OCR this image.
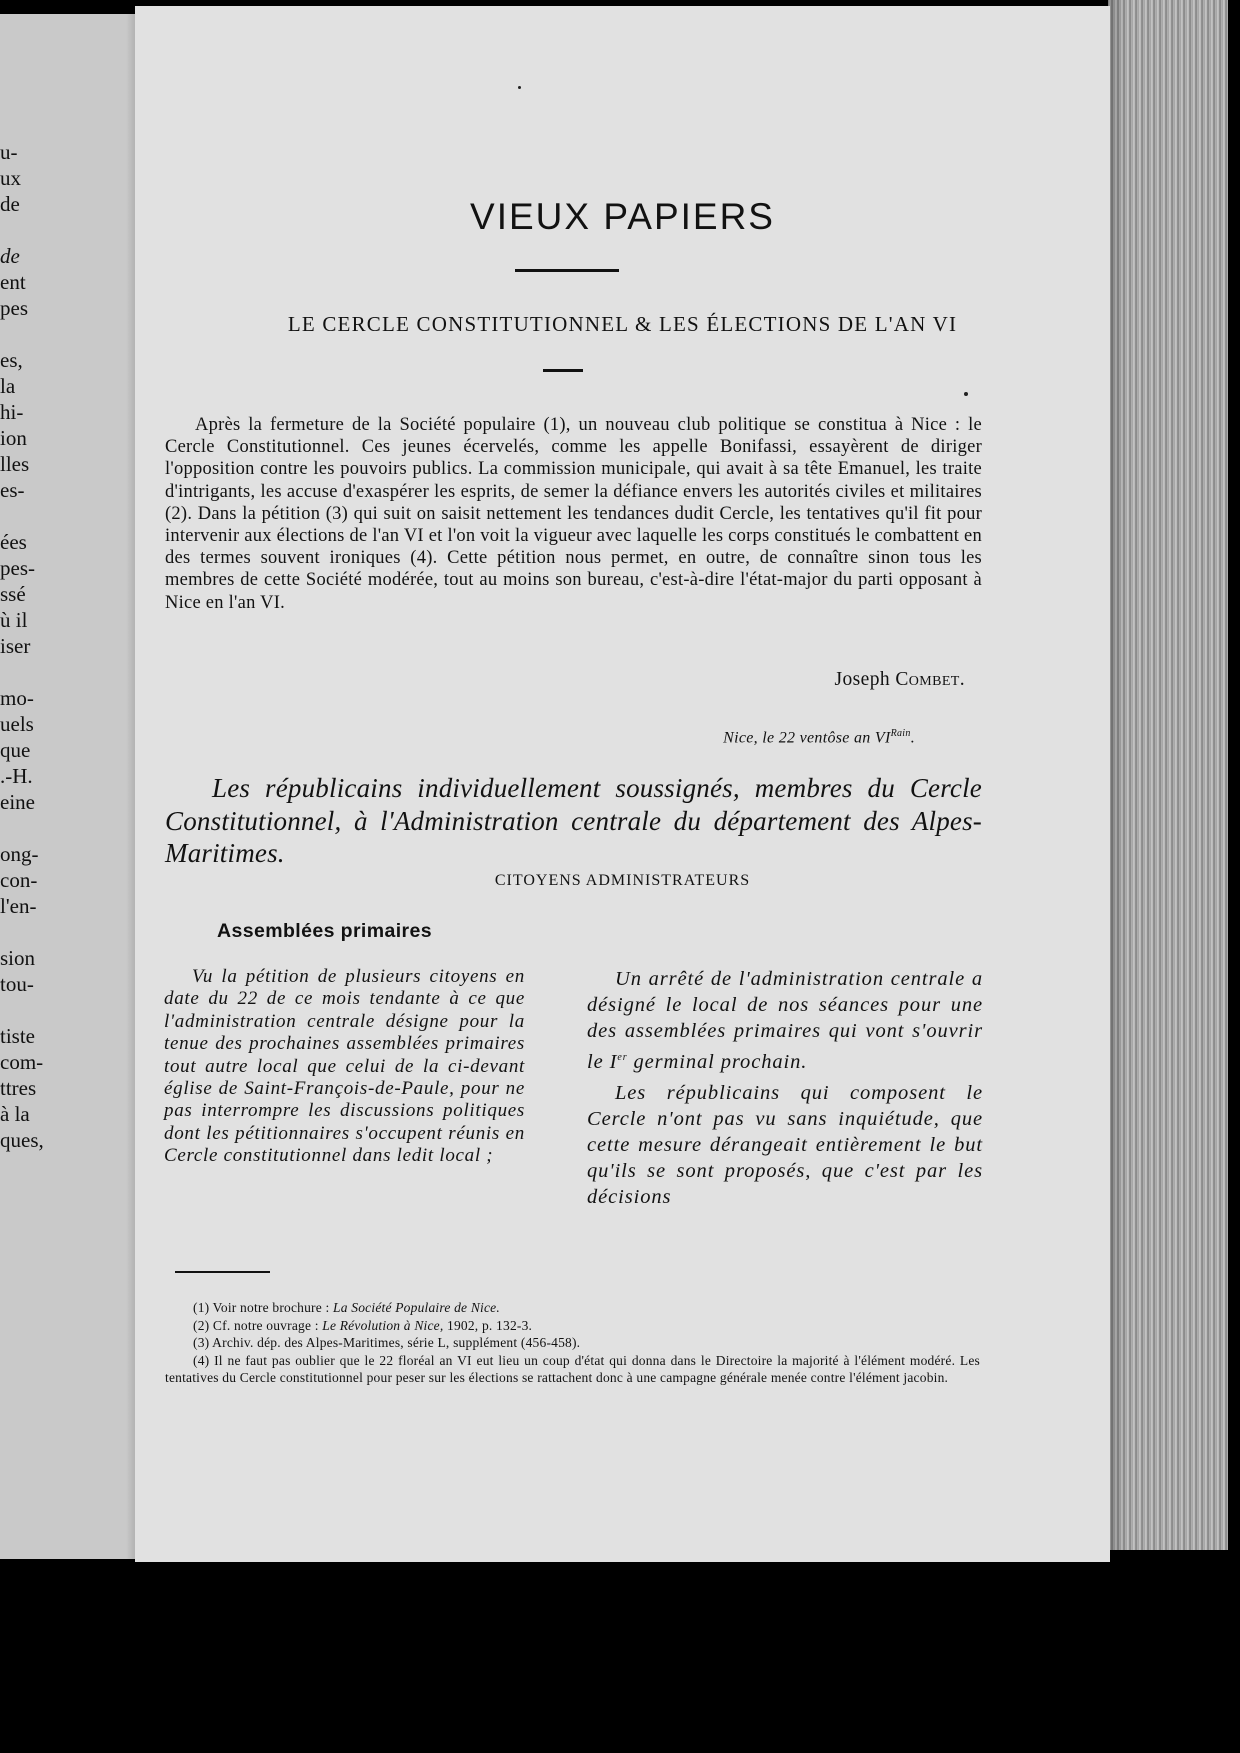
u-
ux
de
de
ent
pes
es,
la
hi-
ion
lles
es-
ées
pes-
ssé
ù il
iser
mo-
uels
que
.-H.
eine
ong-
con-
l'en-
sion
tou-
tiste
com-
ttres
à la
ques,
VIEUX PAPIERS
LE CERCLE CONSTITUTIONNEL & LES ÉLECTIONS DE L'AN VI

Après la fermeture de la Société populaire (1), un nouveau club politique se constitua à Nice : le Cercle Constitutionnel. Ces jeunes écervelés, comme les appelle Bonifassi, essayèrent de diriger l'opposition contre les pouvoirs publics. La commission municipale, qui avait à sa tête Emanuel, les traite d'intrigants, les accuse d'exaspérer les esprits, de semer la défiance envers les autorités civiles et militaires (2). Dans la pétition (3) qui suit on saisit nettement les tendances dudit Cercle, les tentatives qu'il fit pour intervenir aux élections de l'an VI et l'on voit la vigueur avec laquelle les corps constitués le combattent en des termes souvent ironiques (4). Cette pétition nous permet, en outre, de connaître sinon tous les membres de cette Société modérée, tout au moins son bureau, c'est-à-dire l'état-major du parti opposant à Nice en l'an VI.

Joseph Combet.
Nice, le 22 ventôse an $VI^{Rain}$.

Les républicains individuellement soussignés, membres du Cercle Constitutionnel, à l'Administration centrale du département des Alpes-Maritimes.

CITOYENS ADMINISTRATEURS
Assemblées primaires

Vu la pétition de plusieurs citoyens en date du 22 de ce mois tendante à ce que l'administration centrale désigne pour la tenue des prochaines assemblées primaires tout autre local que celui de la ci-devant église de Saint-François-de-Paule, pour ne pas interrompre les discussions politiques dont les pétitionnaires s'occupent réunis en Cercle constitutionnel dans ledit local ;

Un arrêté de l'administration centrale a désigné le local de nos séances pour une des assemblées primaires qui vont s'ouvrir le Ier germinal prochain.

Les républicains qui composent le Cercle n'ont pas vu sans inquiétude, que cette mesure dérangeait entièrement le but qu'ils se sont proposés, que c'est par les décisions

(1) Voir notre brochure : La Société Populaire de Nice.

(2) Cf. notre ouvrage : Le Révolution à Nice, 1902, p. 132-3.

(3) Archiv. dép. des Alpes-Maritimes, série L, supplément (456-458).

(4) Il ne faut pas oublier que le 22 floréal an VI eut lieu un coup d'état qui donna dans le Directoire la majorité à l'élément modéré. Les tentatives du Cercle constitutionnel pour peser sur les élections se rattachent donc à une campagne générale menée contre l'élément jacobin.
